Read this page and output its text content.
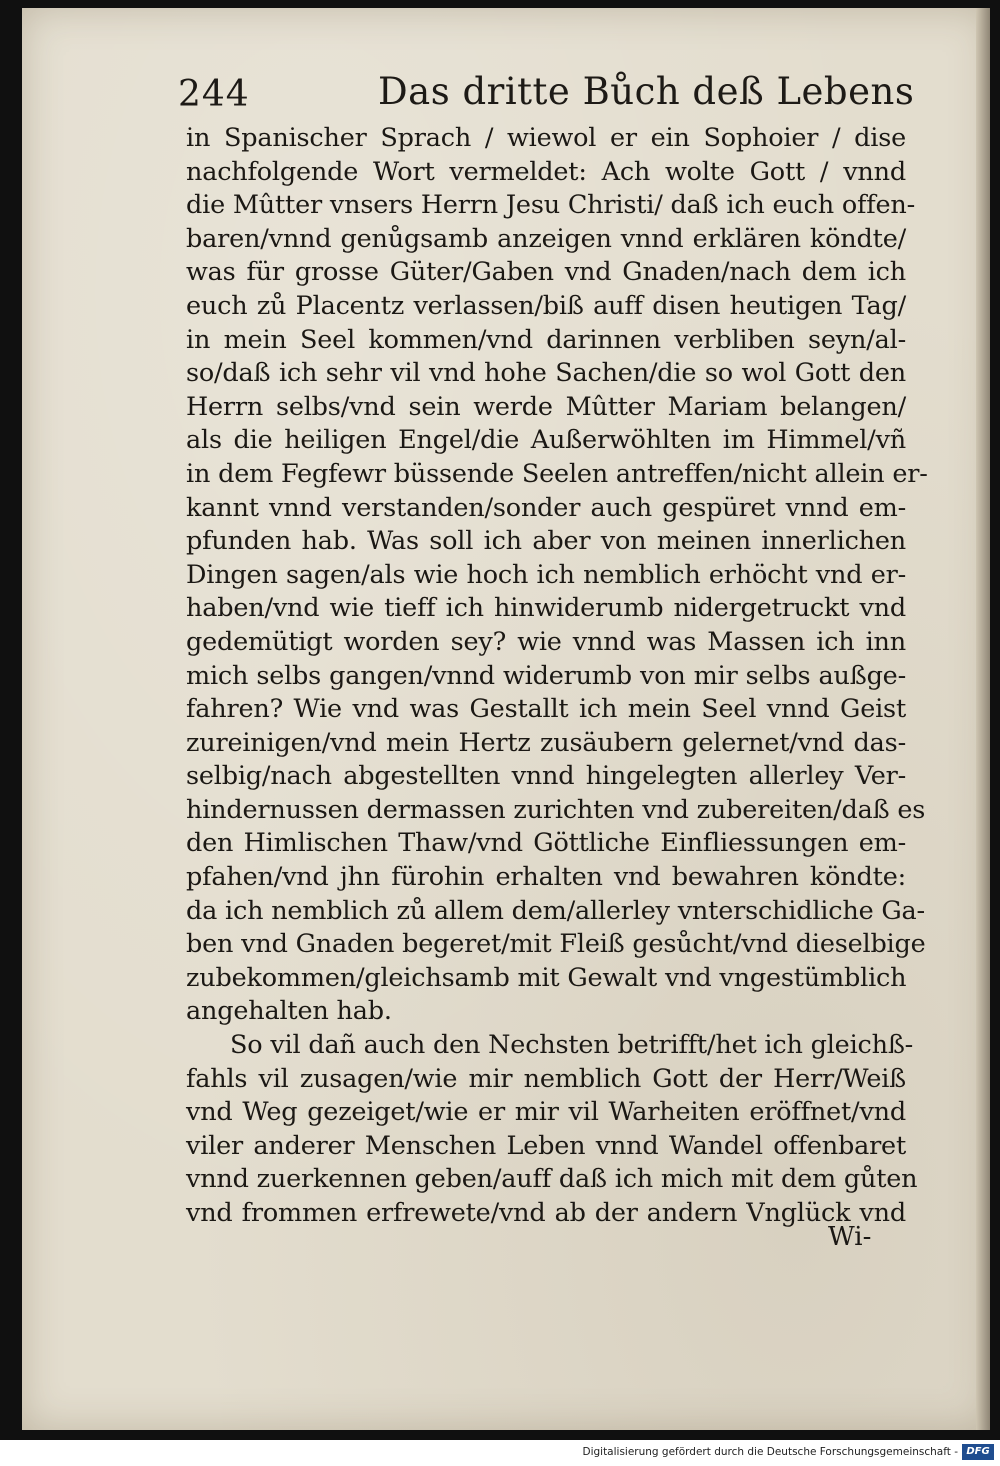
244	Das dritte Bůch deß Lebens
in Spanischer Sprach / wiewol er ein Sophoier / dise
nachfolgende Wort vermeldet: Ach wolte Gott / vnnd
die Mûtter vnsers Herrn Jesu Christi/ daß ich euch offen-
baren/vnnd genůgsamb anzeigen vnnd erklären köndte/
was für grosse Güter/Gaben vnd Gnaden/nach dem ich
euch zů Placentz verlassen/biß auff disen heutigen Tag/
in mein Seel kommen/vnd darinnen verbliben seyn/al-
so/daß ich sehr vil vnd hohe Sachen/die so wol Gott den
Herrn selbs/vnd sein werde Mûtter Mariam belangen/
als die heiligen Engel/die Außerwöhlten im Himmel/vñ
in dem Fegfewr büssende Seelen antreffen/nicht allein er-
kannt vnnd verstanden/sonder auch gespüret vnnd em-
pfunden hab. Was soll ich aber von meinen innerlichen
Dingen sagen/als wie hoch ich nemblich erhöcht vnd er-
haben/vnd wie tieff ich hinwiderumb nidergetruckt vnd
gedemütigt worden sey? wie vnnd was Massen ich inn
mich selbs gangen/vnnd widerumb von mir selbs außge-
fahren? Wie vnd was Gestallt ich mein Seel vnnd Geist
zureinigen/vnd mein Hertz zusäubern gelernet/vnd das-
selbig/nach abgestellten vnnd hingelegten allerley Ver-
hindernussen dermassen zurichten vnd zubereiten/daß es
den Himlischen Thaw/vnd Göttliche Einfliessungen em-
pfahen/vnd jhn fürohin erhalten vnd bewahren köndte:
da ich nemblich zů allem dem/allerley vnterschidliche Ga-
ben vnd Gnaden begeret/mit Fleiß gesůcht/vnd dieselbige
zubekommen/gleichsamb mit Gewalt vnd vngestümblich
angehalten hab.
So vil dañ auch den Nechsten betrifft/het ich gleichß-
fahls vil zusagen/wie mir nemblich Gott der Herr/Weiß
vnd Weg gezeiget/wie er mir vil Warheiten eröffnet/vnd
viler anderer Menschen Leben vnnd Wandel offenbaret
vnnd zuerkennen geben/auff daß ich mich mit dem gůten
vnd frommen erfrewete/vnd ab der andern Vnglück vnd
Wi-
Digitalisierung gefördert durch die Deutsche Forschungsgemeinschaft - DFG
